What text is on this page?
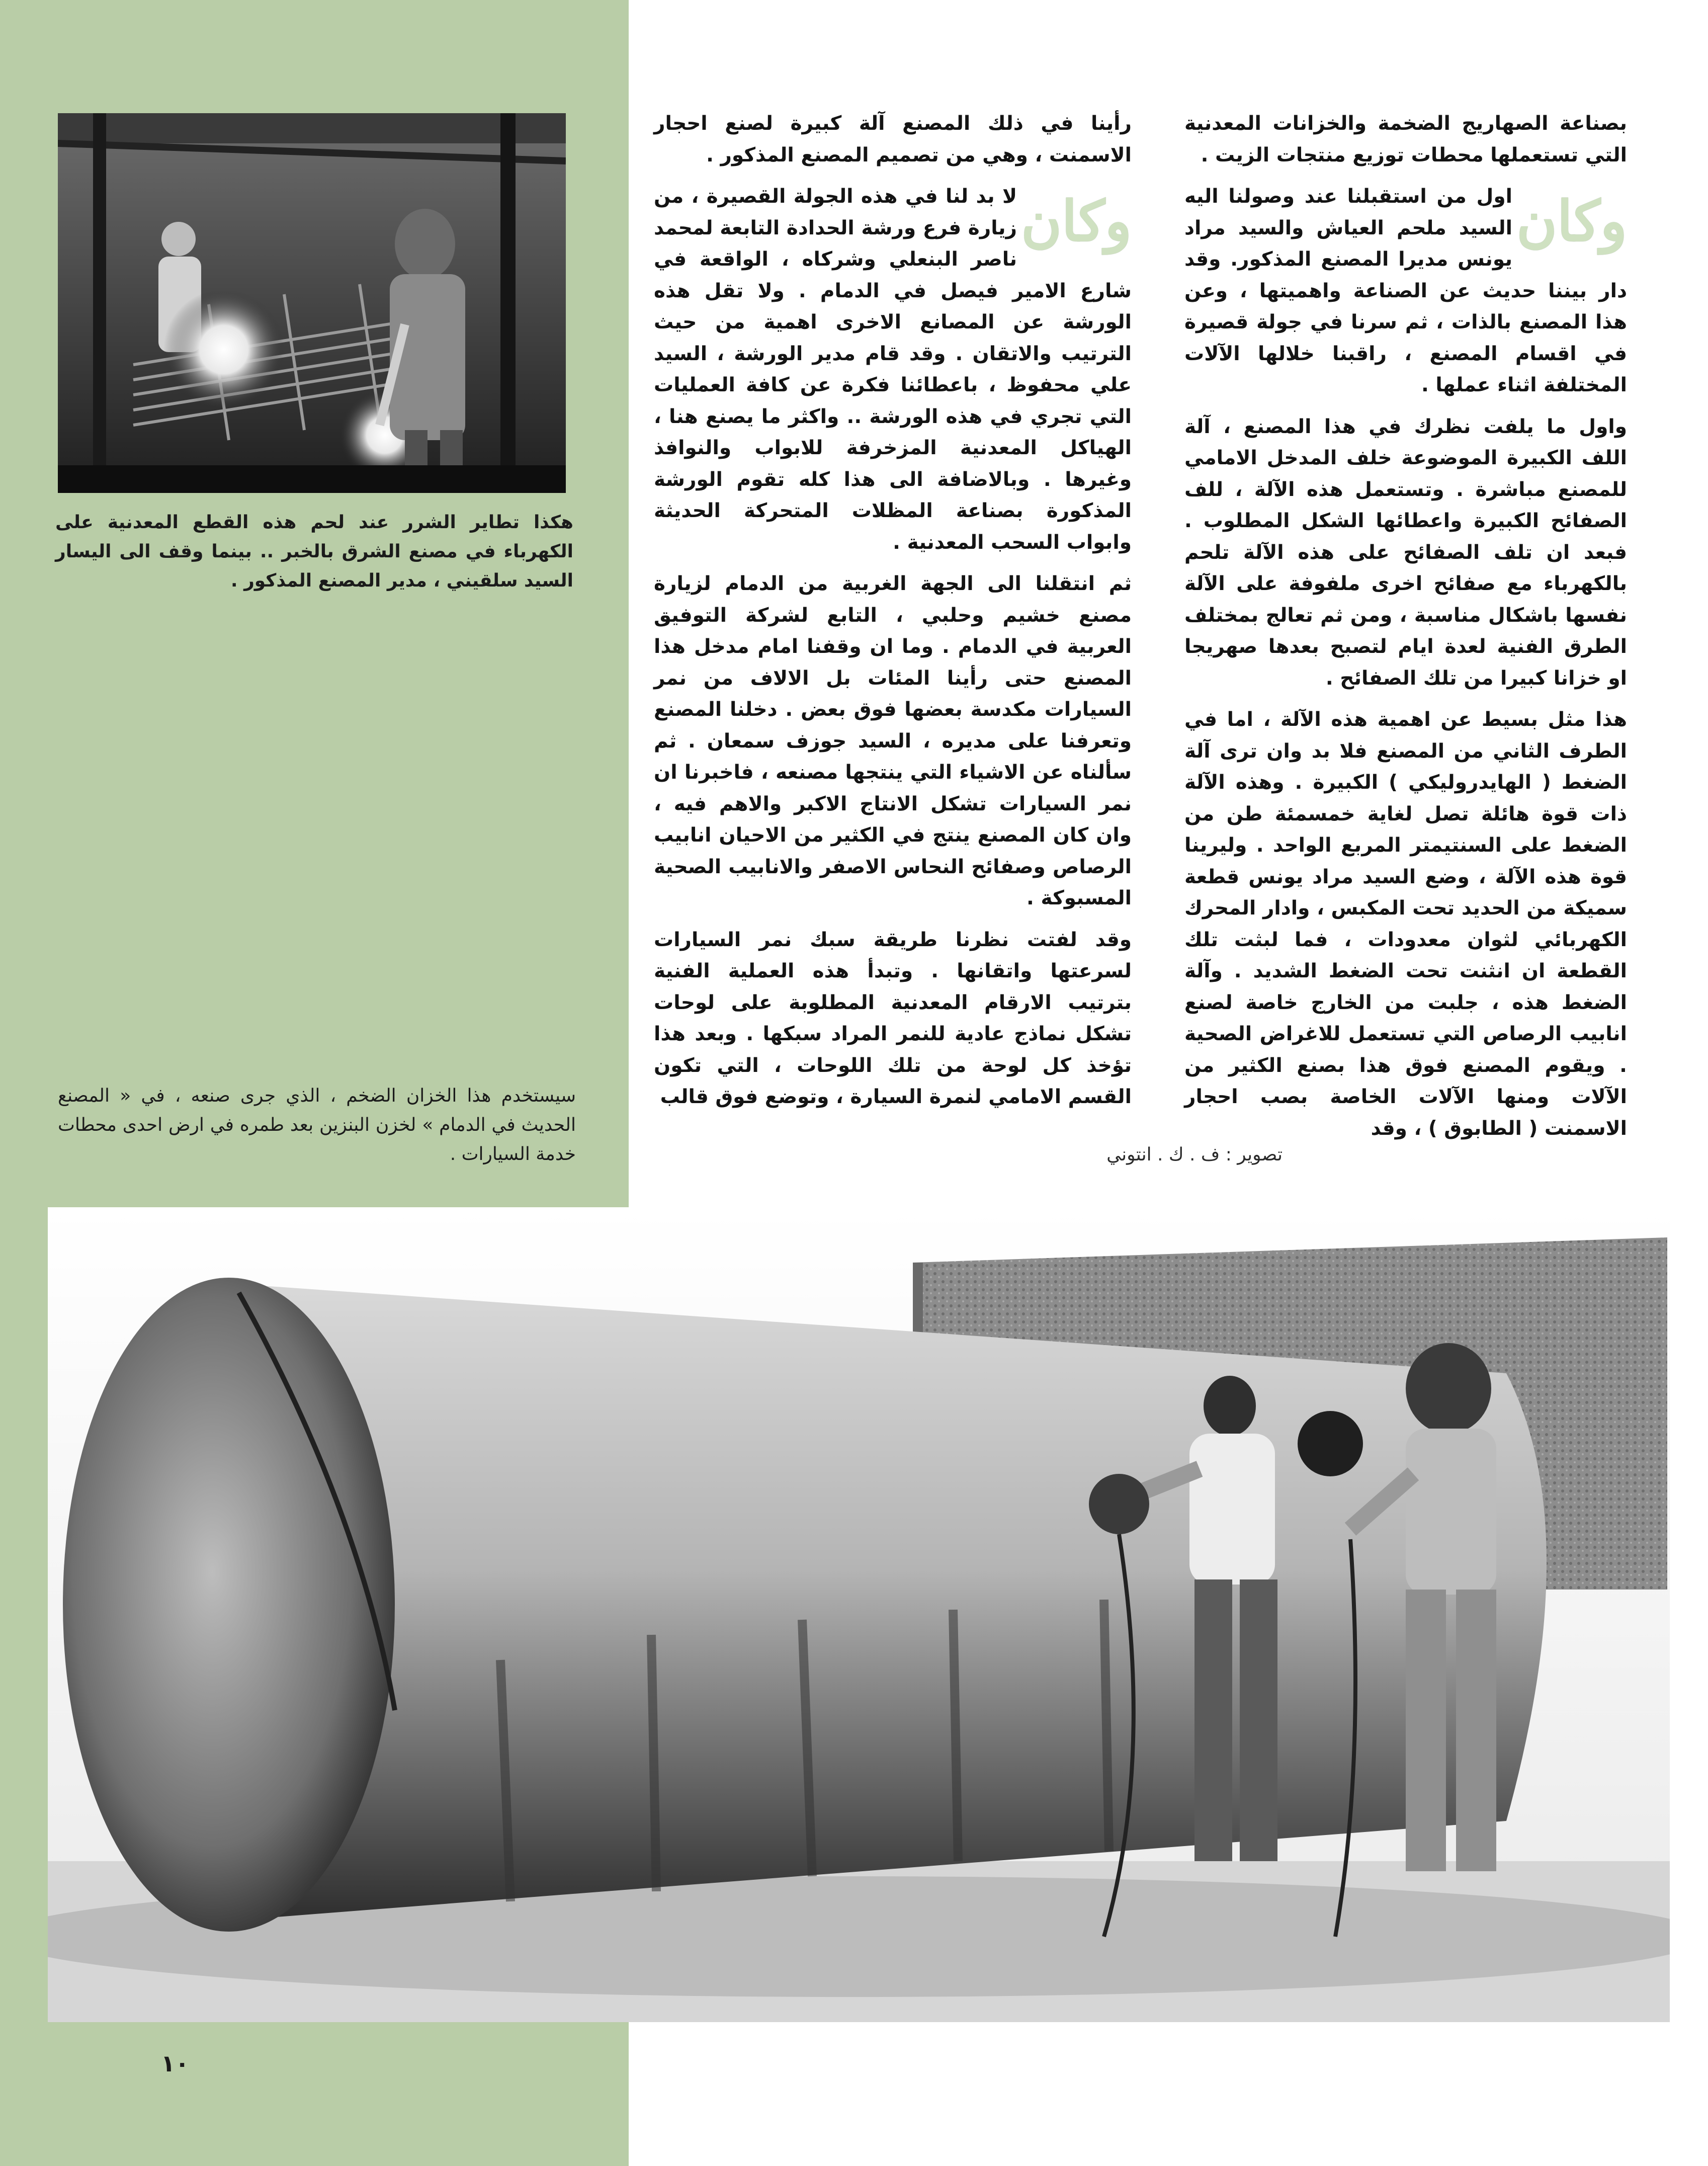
هكذا تطاير الشرر عند لحم هذه القطع المعدنية على الكهرباء في مصنع الشرق بالخبر .. بينما وقف الى اليسار السيد سلقيني ، مدير المصنع المذكور .
سيستخدم هذا الخزان الضخم ، الذي جرى صنعه ، في « المصنع الحديث في الدمام » لخزن البنزين بعد طمره في ارض احدى محطات خدمة السيارات .

بصناعة الصهاريج الضخمة والخزانات المعدنية التي تستعملها محطات توزيع منتجات الزيت .

وكان

اول من استقبلنا عند وصولنا اليه السيد ملحم العياش والسيد مراد يونس مديرا المصنع المذكور. وقد دار بيننا حديث عن الصناعة واهميتها ، وعن هذا المصنع بالذات ، ثم سرنا في جولة قصيرة في اقسام المصنع ، راقبنا خلالها الآلات المختلفة اثناء عملها .

واول ما يلفت نظرك في هذا المصنع ، آلة اللف الكبيرة الموضوعة خلف المدخل الامامي للمصنع مباشرة . وتستعمل هذه الآلة ، للف الصفائح الكبيرة واعطائها الشكل المطلوب . فبعد ان تلف الصفائح على هذه الآلة تلحم بالكهرباء مع صفائح اخرى ملفوفة على الآلة نفسها باشكال مناسبة ، ومن ثم تعالج بمختلف الطرق الفنية لعدة ايام لتصبح بعدها صهريجا او خزانا كبيرا من تلك الصفائح .

هذا مثل بسيط عن اهمية هذه الآلة ، اما في الطرف الثاني من المصنع فلا بد وان ترى آلة الضغط ( الهايدروليكي ) الكبيرة . وهذه الآلة ذات قوة هائلة تصل لغاية خمسمئة طن من الضغط على السنتيمتر المربع الواحد . وليرينا قوة هذه الآلة ، وضع السيد مراد يونس قطعة سميكة من الحديد تحت المكبس ، وادار المحرك الكهربائي لثوان معدودات ، فما لبثت تلك القطعة ان انثنت تحت الضغط الشديد . وآلة الضغط هذه ، جلبت من الخارج خاصة لصنع انابيب الرصاص التي تستعمل للاغراض الصحية . ويقوم المصنع فوق هذا بصنع الكثير من الآلات ومنها الآلات الخاصة بصب احجار الاسمنت ( الطابوق ) ، وقد

رأينا في ذلك المصنع آلة كبيرة لصنع احجار الاسمنت ، وهي من تصميم المصنع المذكور .

وكان

لا بد لنا في هذه الجولة القصيرة ، من زيارة فرع ورشة الحدادة التابعة لمحمد ناصر البنعلي وشركاه ، الواقعة في شارع الامير فيصل في الدمام . ولا تقل هذه الورشة عن المصانع الاخرى اهمية من حيث الترتيب والاتقان . وقد قام مدير الورشة ، السيد علي محفوظ ، باعطائنا فكرة عن كافة العمليات التي تجري في هذه الورشة .. واكثر ما يصنع هنا ، الهياكل المعدنية المزخرفة للابواب والنوافذ وغيرها . وبالاضافة الى هذا كله تقوم الورشة المذكورة بصناعة المظلات المتحركة الحديثة وابواب السحب المعدنية .

ثم انتقلنا الى الجهة الغربية من الدمام لزيارة مصنع خشيم وحلبي ، التابع لشركة التوفيق العربية في الدمام . وما ان وقفنا امام مدخل هذا المصنع حتى رأينا المئات بل الالاف من نمر السيارات مكدسة بعضها فوق بعض . دخلنا المصنع وتعرفنا على مديره ، السيد جوزف سمعان . ثم سألناه عن الاشياء التي ينتجها مصنعه ، فاخبرنا ان نمر السيارات تشكل الانتاج الاكبر والاهم فيه ، وان كان المصنع ينتج في الكثير من الاحيان انابيب الرصاص وصفائح النحاس الاصفر والانابيب الصحية المسبوكة .

وقد لفتت نظرنا طريقة سبك نمر السيارات لسرعتها واتقانها . وتبدأ هذه العملية الفنية بترتيب الارقام المعدنية المطلوبة على لوحات تشكل نماذج عادية للنمر المراد سبكها . وبعد هذا تؤخذ كل لوحة من تلك اللوحات ، التي تكون القسم الامامي لنمرة السيارة ، وتوضع فوق قالب

تصوير : ف . ك . انتوني
١٠
